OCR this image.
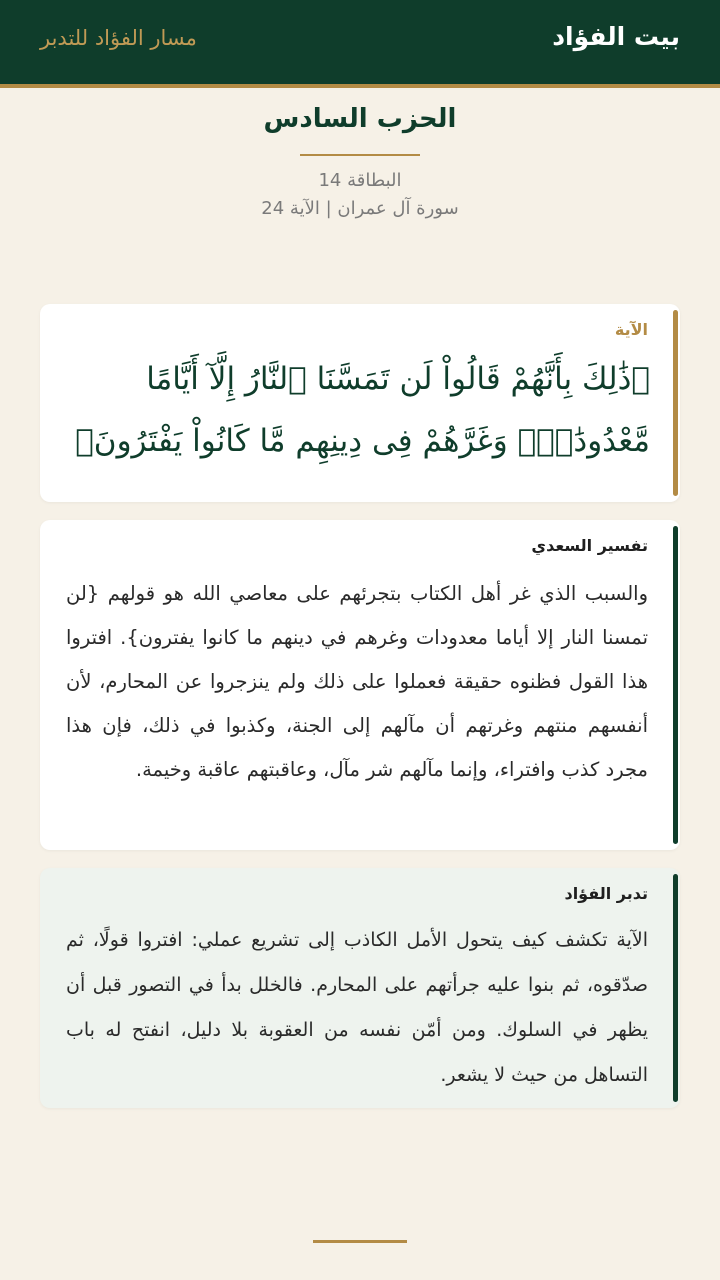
بيت الفؤاد
مسار الفؤاد للتدبر
الحزب السادس
البطاقة 14
سورة آل عمران | الآية 24
الآية
﴿ذَٰلِكَ بِأَنَّهُمْ قَالُواْ لَن تَمَسَّنَا ٱلنَّارُ إِلَّآ أَيَّامًا مَّعْدُودَٰتٍۖ وَغَرَّهُمْ فِى دِينِهِم مَّا كَانُواْ يَفْتَرُونَ﴾
تفسير السعدي
والسبب الذي غر أهل الكتاب بتجرئهم على معاصي الله هو قولهم {لن تمسنا النار إلا أياما معدودات وغرهم في دينهم ما كانوا يفترون}. افتروا هذا القول فظنوه حقيقة فعملوا على ذلك ولم ينزجروا عن المحارم، لأن أنفسهم منتهم وغرتهم أن مآلهم إلى الجنة، وكذبوا في ذلك، فإن هذا مجرد كذب وافتراء، وإنما مآلهم شر مآل، وعاقبتهم عاقبة وخيمة.
تدبر الفؤاد
الآية تكشف كيف يتحول الأمل الكاذب إلى تشريع عملي: افتروا قولًا، ثم صدّقوه، ثم بنوا عليه جرأتهم على المحارم. فالخلل بدأ في التصور قبل أن يظهر في السلوك. ومن أمّن نفسه من العقوبة بلا دليل، انفتح له باب التساهل من حيث لا يشعر.
